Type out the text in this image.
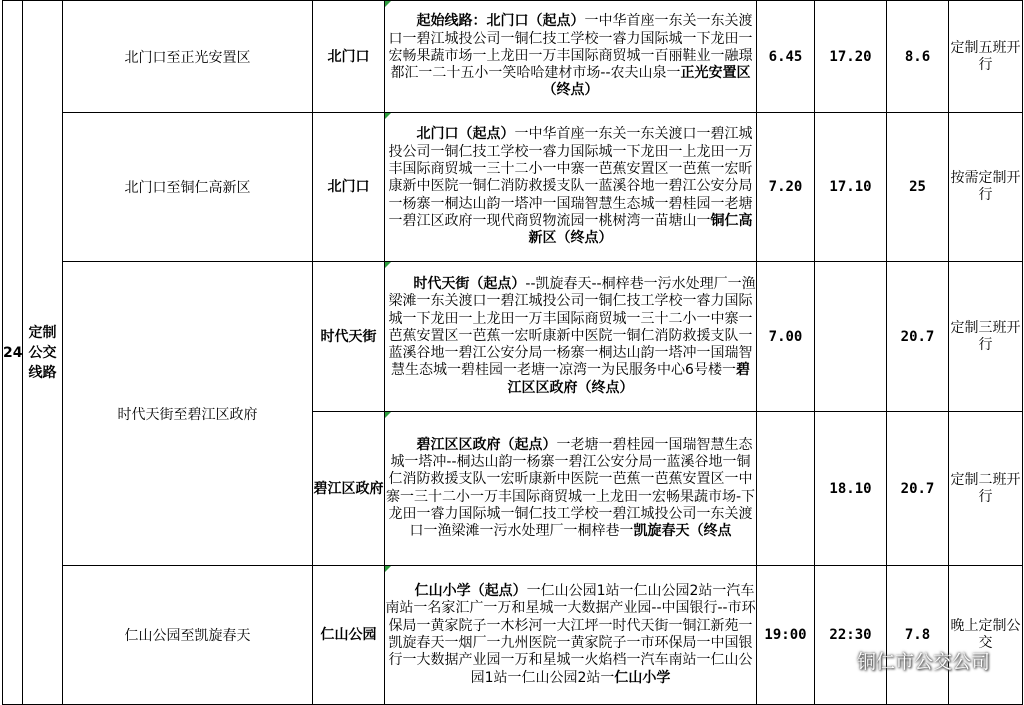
24	定制公交线路	北门口至正光安置区	北门口	起始线路：北门口（起点）一中华首座一东关一东关渡口一碧江城投公司一铜仁技工学校一睿力国际城一下龙田一宏畅果蔬市场一上龙田一万丰国际商贸城一百丽鞋业一融璟都汇一二十五小一笑哈哈建材市场--农夫山泉一正光安置区（终点）	6.45	17.20	8.6	定制五班开行
		北门口至铜仁高新区	北门口	北门口（起点）一中华首座一东关一东关渡口一碧江城投公司一铜仁技工学校一睿力国际城一下龙田一上龙田一万丰国际商贸城一三十二小一中寨一芭蕉安置区一芭蕉一宏昕康新中医院一铜仁消防救援支队一蓝溪谷地一碧江公安分局一杨寨一桐达山韵一塔冲一国瑞智慧生态城一碧桂园一老塘一碧江区政府一现代商贸物流园一桃树湾一苗塘山一铜仁高新区（终点）	7.20	17.10	25	按需定制开行
		时代天街至碧江区政府	时代天街	时代天街（起点）--凯旋春天--桐梓巷一污水处理厂一渔梁滩一东关渡口一碧江城投公司一铜仁技工学校一睿力国际城一下龙田一上龙田一万丰国际商贸城一三十二小一中寨一芭蕉安置区一芭蕉一宏昕康新中医院一铜仁消防救援支队一蓝溪谷地一碧江公安分局一杨寨一桐达山韵一塔冲一国瑞智慧生态城一碧桂园一老塘一凉湾一为民服务中心6号楼一碧江区区政府（终点）	7.00		20.7	定制三班开行
			碧江区政府	碧江区区政府（起点）一老塘一碧桂园一国瑞智慧生态城一塔冲--桐达山韵一杨寨一碧江公安分局一蓝溪谷地一铜仁消防救援支队一宏昕康新中医院一芭蕉一芭蕉安置区一中寨一三十二小一万丰国际商贸城一上龙田一宏畅果蔬市场-下龙田一睿力国际城一铜仁技工学校一碧江城投公司一东关渡口一渔梁滩一污水处理厂一桐梓巷一凯旋春天（终点		18.10	20.7	定制二班开行
		仁山公园至凯旋春天	仁山公园	仁山小学（起点）一仁山公园1站一仁山公园2站一汽车南站一名家汇广一万和星城一大数据产业园--中国银行--市环保局一黄家院子一木杉河一大江坪一时代天街一铜江新苑一凯旋春天一烟厂一九州医院一黄家院子一市环保局一中国银行一大数据产业园一万和星城一火焰档一汽车南站一仁山公园1站一仁山公园2站一仁山小学	19:00	22:30	7.8	晚上定制公交
铜仁市公交公司
